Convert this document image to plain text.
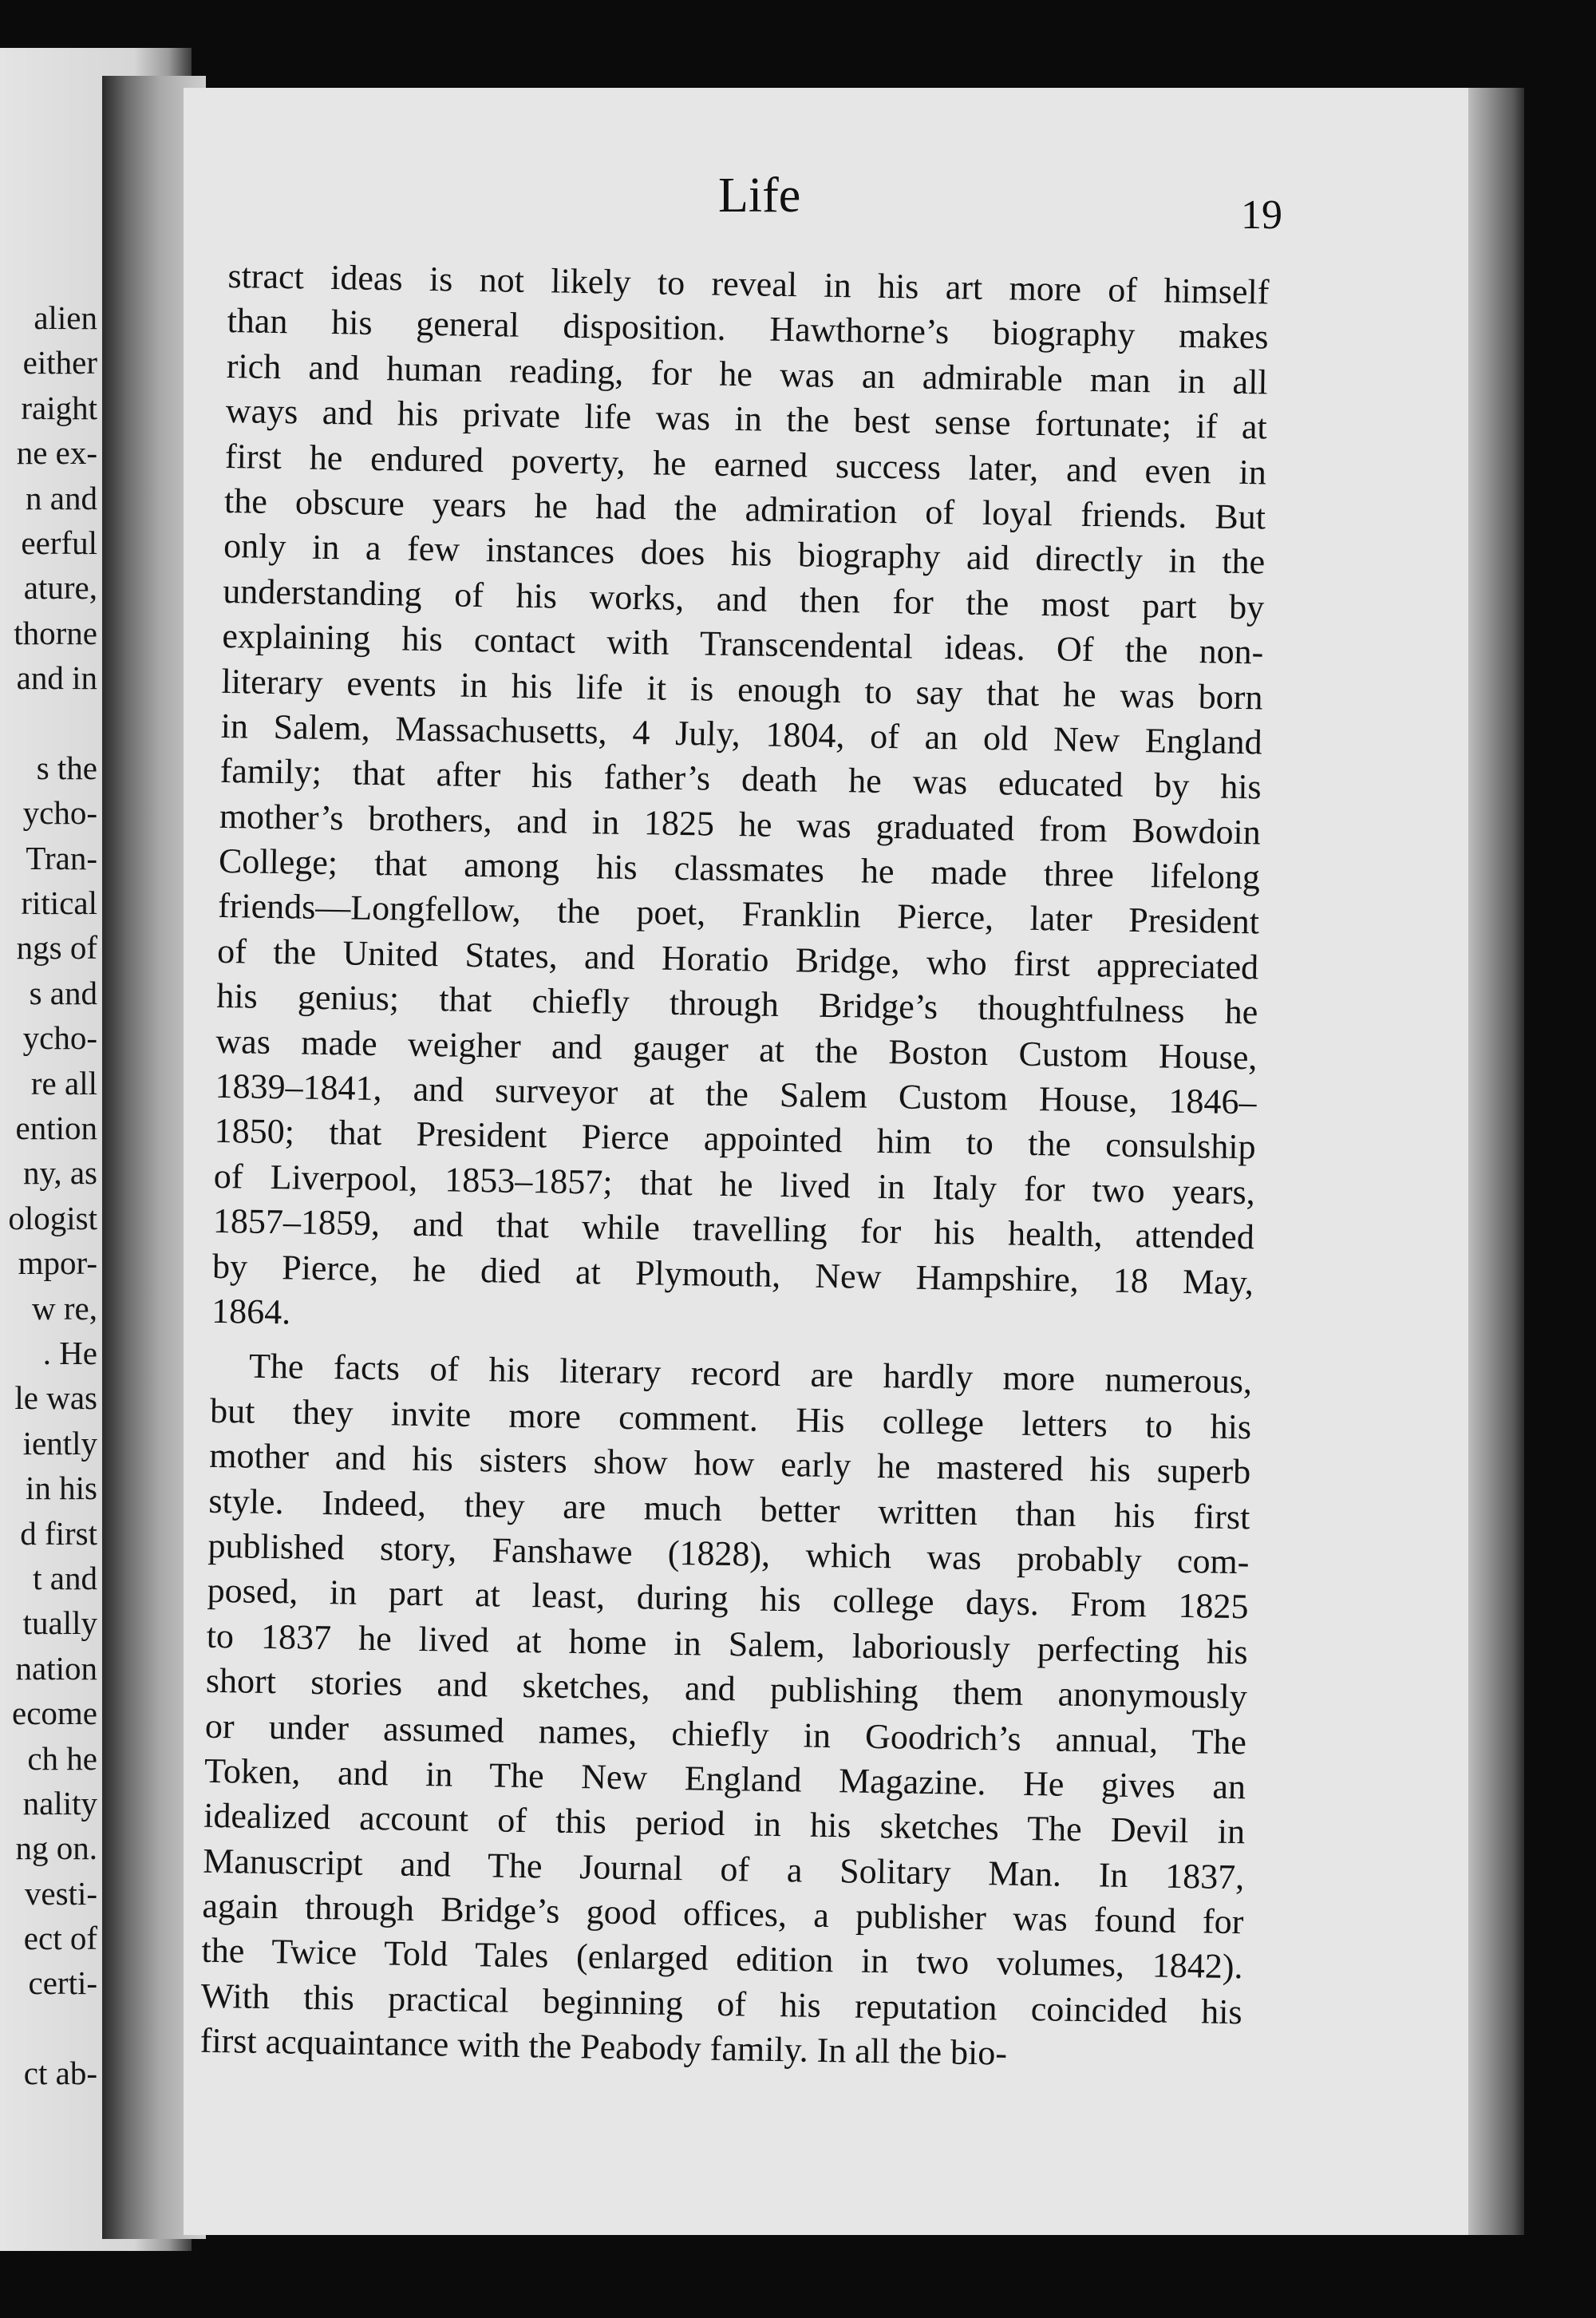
alien
either
raight
ne ex-
n and
eerful
ature,
thorne
and in
s the
ycho-
Tran-
ritical
ngs of
s and
ycho-
re all
ention
ny, as
ologist
mpor-
w re,
. He
le was
iently
in his
d first
t and
tually
nation
ecome
ch he
nality
ng on.
vesti-
ect of
certi-
ct ab-
Life	19
stract ideas is not likely to reveal in his art more of himself
than his general disposition. Hawthorne’s biography makes
rich and human reading, for he was an admirable man in all
ways and his private life was in the best sense fortunate; if at
first he endured poverty, he earned success later, and even in
the obscure years he had the admiration of loyal friends. But
only in a few instances does his biography aid directly in the
understanding of his works, and then for the most part by
explaining his contact with Transcendental ideas. Of the non-
literary events in his life it is enough to say that he was born
in Salem, Massachusetts, 4 July, 1804, of an old New England
family; that after his father’s death he was educated by his
mother’s brothers, and in 1825 he was graduated from Bowdoin
College; that among his classmates he made three lifelong
friends—Longfellow, the poet, Franklin Pierce, later President
of the United States, and Horatio Bridge, who first appreciated
his genius; that chiefly through Bridge’s thoughtfulness he
was made weigher and gauger at the Boston Custom House,
1839–1841, and surveyor at the Salem Custom House, 1846–
1850; that President Pierce appointed him to the consulship
of Liverpool, 1853–1857; that he lived in Italy for two years,
1857–1859, and that while travelling for his health, attended
by Pierce, he died at Plymouth, New Hampshire, 18 May,
1864.
The facts of his literary record are hardly more numerous,
but they invite more comment. His college letters to his
mother and his sisters show how early he mastered his superb
style. Indeed, they are much better written than his first
published story, Fanshawe (1828), which was probably com-
posed, in part at least, during his college days. From 1825
to 1837 he lived at home in Salem, laboriously perfecting his
short stories and sketches, and publishing them anonymously
or under assumed names, chiefly in Goodrich’s annual, The
Token, and in The New England Magazine. He gives an
idealized account of this period in his sketches The Devil in
Manuscript and The Journal of a Solitary Man. In 1837,
again through Bridge’s good offices, a publisher was found for
the Twice Told Tales (enlarged edition in two volumes, 1842).
With this practical beginning of his reputation coincided his
first acquaintance with the Peabody family. In all the bio-
